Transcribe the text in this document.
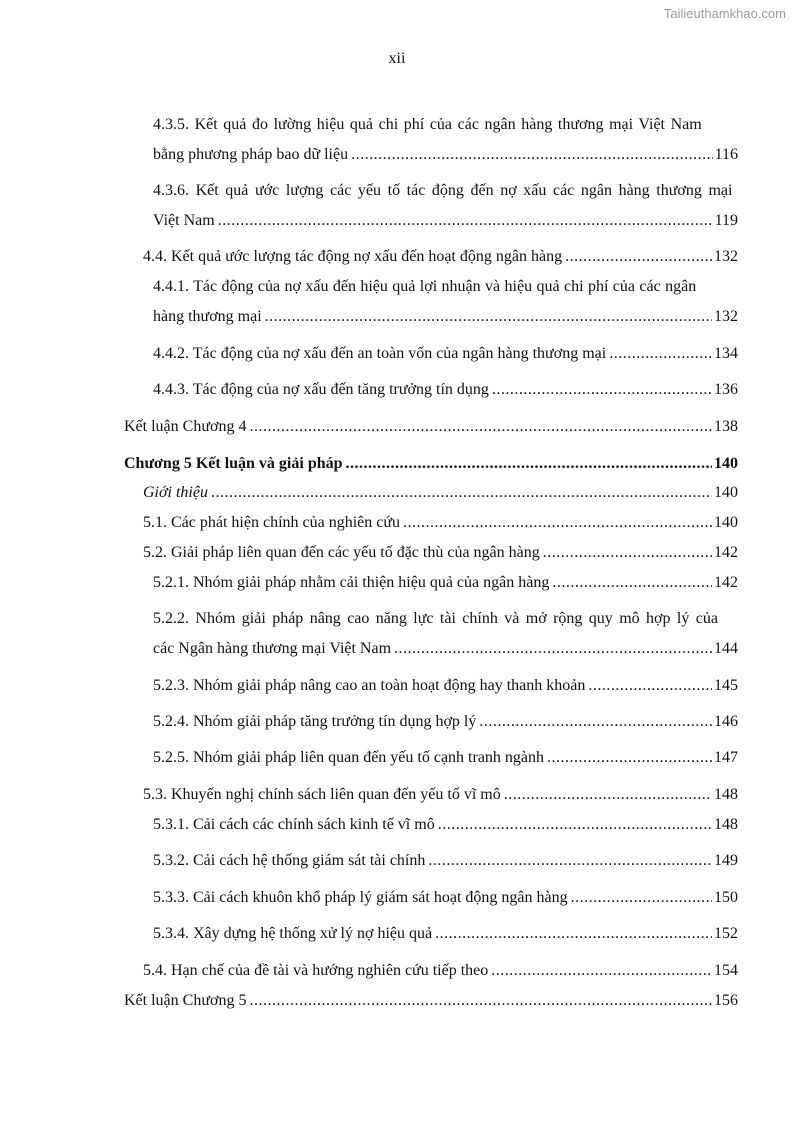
Tailieuthamkhao.com
xii
4.3.5. Kết quả đo lường hiệu quả chi phí của các ngân hàng thương mại Việt Nam
bằng phương pháp bao dữ liệu .....	116
4.3.6. Kết quả ước lượng các yếu tố tác động đến nợ xấu các ngân hàng thương mại
Việt Nam .....	119
4.4. Kết quả ước lượng tác động nợ xấu đến hoạt động ngân hàng .....	132
4.4.1. Tác động của nợ xấu đến hiệu quả lợi nhuận và hiệu quả chi phí của các ngân
hàng thương mại .....	132
4.4.2. Tác động của nợ xấu đến an toàn vốn của ngân hàng thương mại .....	134
4.4.3. Tác động của nợ xấu đến tăng trưởng tín dụng .....	136
Kết luận Chương 4 .....	138
Chương 5 Kết luận và giải pháp .....	140
Giới thiệu .....	140
5.1. Các phát hiện chính của nghiên cứu .....	140
5.2. Giải pháp liên quan đến các yếu tố đặc thù của ngân hàng .....	142
5.2.1. Nhóm giải pháp nhằm cải thiện hiệu quả của ngân hàng .....	142
5.2.2. Nhóm giải pháp nâng cao năng lực tài chính và mở rộng quy mô hợp lý của
các Ngân hàng thương mại Việt Nam .....	144
5.2.3. Nhóm giải pháp nâng cao an toàn hoạt động hay thanh khoản .....	145
5.2.4. Nhóm giải pháp tăng trưởng tín dụng hợp lý .....	146
5.2.5. Nhóm giải pháp liên quan đến yếu tố cạnh tranh ngành .....	147
5.3. Khuyến nghị chính sách liên quan đến yếu tố vĩ mô .....	148
5.3.1. Cải cách các chính sách kinh tế vĩ mô .....	148
5.3.2. Cải cách hệ thống giám sát tài chính .....	149
5.3.3. Cải cách khuôn khổ pháp lý giám sát hoạt động ngân hàng .....	150
5.3.4. Xây dựng hệ thống xử lý nợ hiệu quả .....	152
5.4. Hạn chế của đề tài và hướng nghiên cứu tiếp theo .....	154
Kết luận Chương 5 .....	156
